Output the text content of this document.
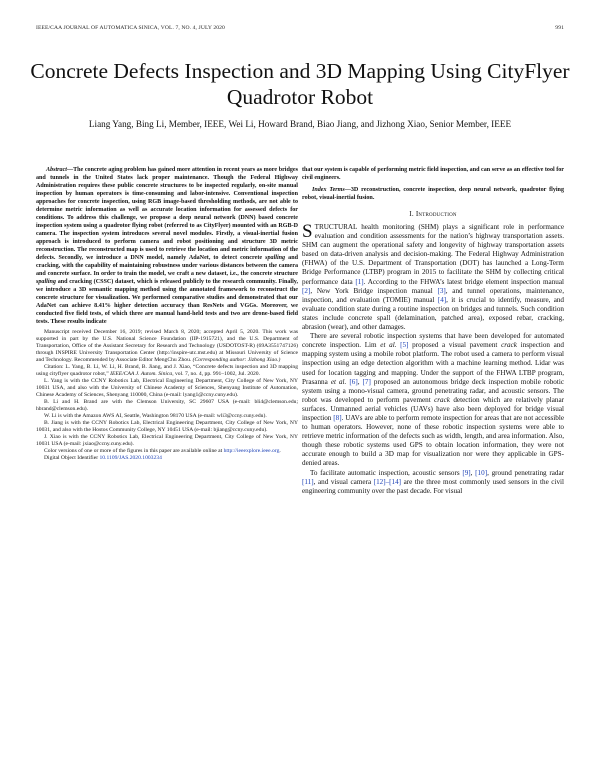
IEEE/CAA JOURNAL OF AUTOMATICA SINICA, VOL. 7, NO. 4, JULY 2020	991
Concrete Defects Inspection and 3D Mapping Using CityFlyer Quadrotor Robot
Liang Yang, Bing Li, Member, IEEE, Wei Li, Howard Brand, Biao Jiang, and Jizhong Xiao, Senior Member, IEEE

Abstract—The concrete aging problem has gained more attention in recent years as more bridges and tunnels in the United States lack proper maintenance. Though the Federal Highway Administration requires these public concrete structures to be inspected regularly, on-site manual inspection by human operators is time-consuming and labor-intensive. Conventional inspection approaches for concrete inspection, using RGB image-based thresholding methods, are not able to determine metric information as well as accurate location information for assessed defects for conditions. To address this challenge, we propose a deep neural network (DNN) based concrete inspection system using a quadrotor flying robot (referred to as CityFlyer) mounted with an RGB-D camera. The inspection system introduces several novel modules. Firstly, a visual-inertial fusion approach is introduced to perform camera and robot positioning and structure 3D metric reconstruction. The reconstructed map is used to retrieve the location and metric information of the defects. Secondly, we introduce a DNN model, namely AdaNet, to detect concrete spalling and cracking, with the capability of maintaining robustness under various distances between the camera and concrete surface. In order to train the model, we craft a new dataset, i.e., the concrete structure spalling and cracking (CSSC) dataset, which is released publicly to the research community. Finally, we introduce a 3D semantic mapping method using the annotated framework to reconstruct the concrete structure for visualization. We performed comparative studies and demonstrated that our AdaNet can achieve 8.41% higher detection accuracy than ResNets and VGGs. Moreover, we conducted five field tests, of which three are manual hand-held tests and two are drone-based field tests. These results indicate

Manuscript received December 16, 2019; revised March 8, 2020; accepted April 5, 2020. This work was supported in part by the U.S. National Science Foundation (IIP-1915721), and the U.S. Department of Transportation, Office of the Assistant Secretary for Research and Technology (USDOTOST-R) (69A3551747126) through INSPIRE University Transportation Center (http://inspire-utc.mst.edu) at Missouri University of Science and Technology. Recommended by Associate Editor MengChu Zhou. (Corresponding author: Jizhong Xiao.)

Citation: L. Yang, B. Li, W. Li, H. Brand, B. Jiang, and J. Xiao, “Concrete defects inspection and 3D mapping using cityflyer quadrotor robot,” IEEE/CAA J. Autom. Sinica, vol. 7, no. 4, pp. 991–1002, Jul. 2020.

L. Yang is with the CCNY Robotics Lab, Electrical Engineering Department, City College of New York, NY 10031 USA, and also with the University of Chinese Academy of Sciences, Shenyang Institute of Automation, Chinese Academy of Sciences, Shenyang 110000, China (e-mail: lyang1@ccny.cuny.edu).

B. Li and H. Brand are with the Clemson University, SC 29607 USA (e-mail: bli4@clemson.edu; hbrand@clemson.edu).

W. Li is with the Amazon AWS AI, Seattle, Washington 98170 USA (e-mail: wli3@ccny.cuny.edu).

B. Jiang is with the CCNY Robotics Lab, Electrical Engineering Department, City College of New York, NY 10031, and also with the Hostos Community College, NY 10451 USA (e-mail: bjiang@ccny.cuny.edu).

J. Xiao is with the CCNY Robotics Lab, Electrical Engineering Department, City College of New York, NY 10031 USA (e-mail: jxiao@ccny.cuny.edu).

Color versions of one or more of the figures in this paper are available online at http://ieeexplore.ieee.org.

Digital Object Identifier 10.1109/JAS.2020.1003234

that our system is capable of performing metric field inspection, and can serve as an effective tool for civil engineers.

Index Terms—3D reconstruction, concrete inspection, deep neural network, quadrotor flying robot, visual-inertial fusion.

I. Introduction

STRUCTURAL health monitoring (SHM) plays a significant role in performance evaluation and condition assessments for the nation’s highway transportation assets. SHM can augment the operational safety and longevity of highway transportation assets based on data-driven analysis and decision-making. The Federal Highway Administration (FHWA) of the U.S. Department of Transportation (DOT) has launched a Long-Term Bridge Performance (LTBP) program in 2015 to facilitate the SHM by collecting critical performance data [1]. According to the FHWA’s latest bridge element inspection manual [2], New York Bridge inspection manual [3], and tunnel operations, maintenance, inspection, and evaluation (TOMIE) manual [4], it is crucial to identify, measure, and evaluate condition state during a routine inspection on bridges and tunnels. Such condition states include concrete spall (delamination, patched area), exposed rebar, cracking, abrasion (wear), and other damages.

There are several robotic inspection systems that have been developed for automated concrete inspection. Lim et al. [5] proposed a visual pavement crack inspection and mapping system using a mobile robot platform. The robot used a camera to perform visual inspection using an edge detection algorithm with a machine learning method. Lidar was used for location tagging and mapping. Under the support of the FHWA LTBP program, Prasanna et al. [6], [7] proposed an autonomous bridge deck inspection mobile robotic system using a mono-visual camera, ground penetrating radar, and acoustic sensors. The robot was developed to perform pavement crack detection which are relatively planar surfaces. Unmanned aerial vehicles (UAVs) have also been deployed for bridge visual inspection [8]. UAVs are able to perform remote inspection for areas that are not accessible to human operators. However, none of these robotic inspection systems were able to retrieve metric information of the defects such as width, length, and area information. Also, though these robotic systems used GPS to obtain location information, they were not accurate enough to build a 3D map for visualization nor were they applicable in GPS-denied areas.

To facilitate automatic inspection, acoustic sensors [9], [10], ground penetrating radar [11], and visual camera [12]–[14] are the three most commonly used sensors in the civil engineering community over the past decade. For visual
